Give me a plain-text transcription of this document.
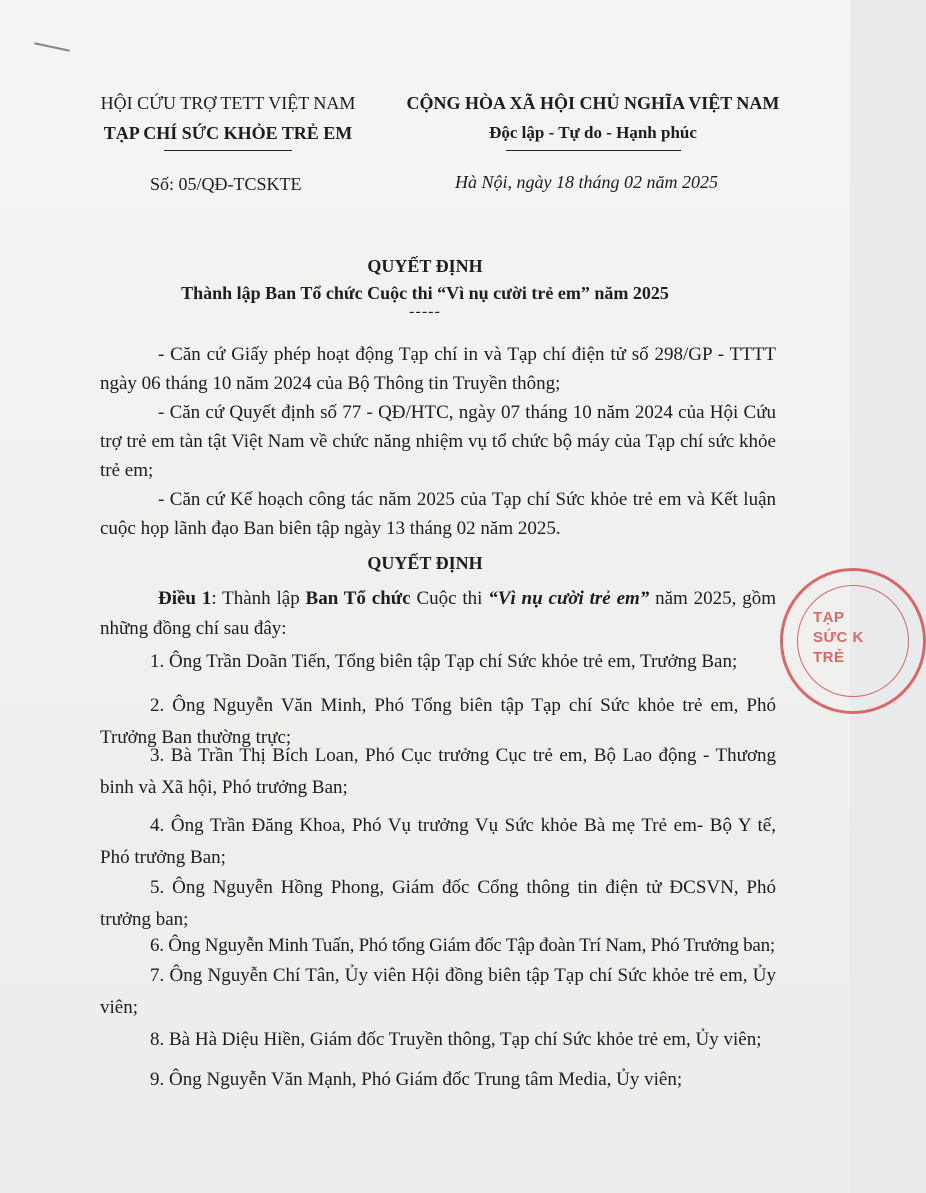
HỘI CỨU TRỢ TETT VIỆT NAM
TẠP CHÍ SỨC KHỎE TRẺ EM
CỘNG HÒA XÃ HỘI CHỦ NGHĨA VIỆT NAM
Độc lập - Tự do - Hạnh phúc
Số: 05/QĐ-TCSKTE	Hà Nội, ngày 18 tháng 02 năm 2025
QUYẾT ĐỊNH
Thành lập Ban Tổ chức Cuộc thi “Vì nụ cười trẻ em” năm 2025
-----
- Căn cứ Giấy phép hoạt động Tạp chí in và Tạp chí điện tử số 298/GP - TTTT ngày 06 tháng 10 năm 2024 của Bộ Thông tin Truyền thông;
- Căn cứ Quyết định số 77 - QĐ/HTC, ngày 07 tháng 10 năm 2024 của Hội Cứu trợ trẻ em tàn tật Việt Nam về chức năng nhiệm vụ tổ chức bộ máy của Tạp chí sức khỏe trẻ em;
- Căn cứ Kế hoạch công tác năm 2025 của Tạp chí Sức khỏe trẻ em và Kết luận cuộc họp lãnh đạo Ban biên tập ngày 13 tháng 02 năm 2025.
QUYẾT ĐỊNH
Điều 1: Thành lập Ban Tổ chức Cuộc thi “Vì nụ cười trẻ em” năm 2025, gồm những đồng chí sau đây:
1. Ông Trần Doãn Tiến, Tổng biên tập Tạp chí Sức khỏe trẻ em, Trưởng Ban;
2. Ông Nguyễn Văn Minh, Phó Tổng biên tập Tạp chí Sức khỏe trẻ em, Phó Trưởng Ban thường trực;
3. Bà Trần Thị Bích Loan, Phó Cục trưởng Cục trẻ em, Bộ Lao động - Thương binh và Xã hội, Phó trưởng Ban;
4. Ông Trần Đăng Khoa, Phó Vụ trưởng Vụ Sức khỏe Bà mẹ Trẻ em- Bộ Y tế, Phó trưởng Ban;
5. Ông Nguyễn Hồng Phong, Giám đốc Cổng thông tin điện tử ĐCSVN, Phó trưởng ban;
6. Ông Nguyễn Minh Tuấn, Phó tổng Giám đốc Tập đoàn Trí Nam, Phó Trưởng ban;
7. Ông Nguyễn Chí Tân, Ủy viên Hội đồng biên tập Tạp chí Sức khỏe trẻ em, Ủy viên;
8. Bà Hà Diệu Hiền, Giám đốc Truyền thông, Tạp chí Sức khỏe trẻ em, Ủy viên;
9. Ông Nguyễn Văn Mạnh, Phó Giám đốc Trung tâm Media, Ủy viên;
TẠP
SỨC K
TRẺ
